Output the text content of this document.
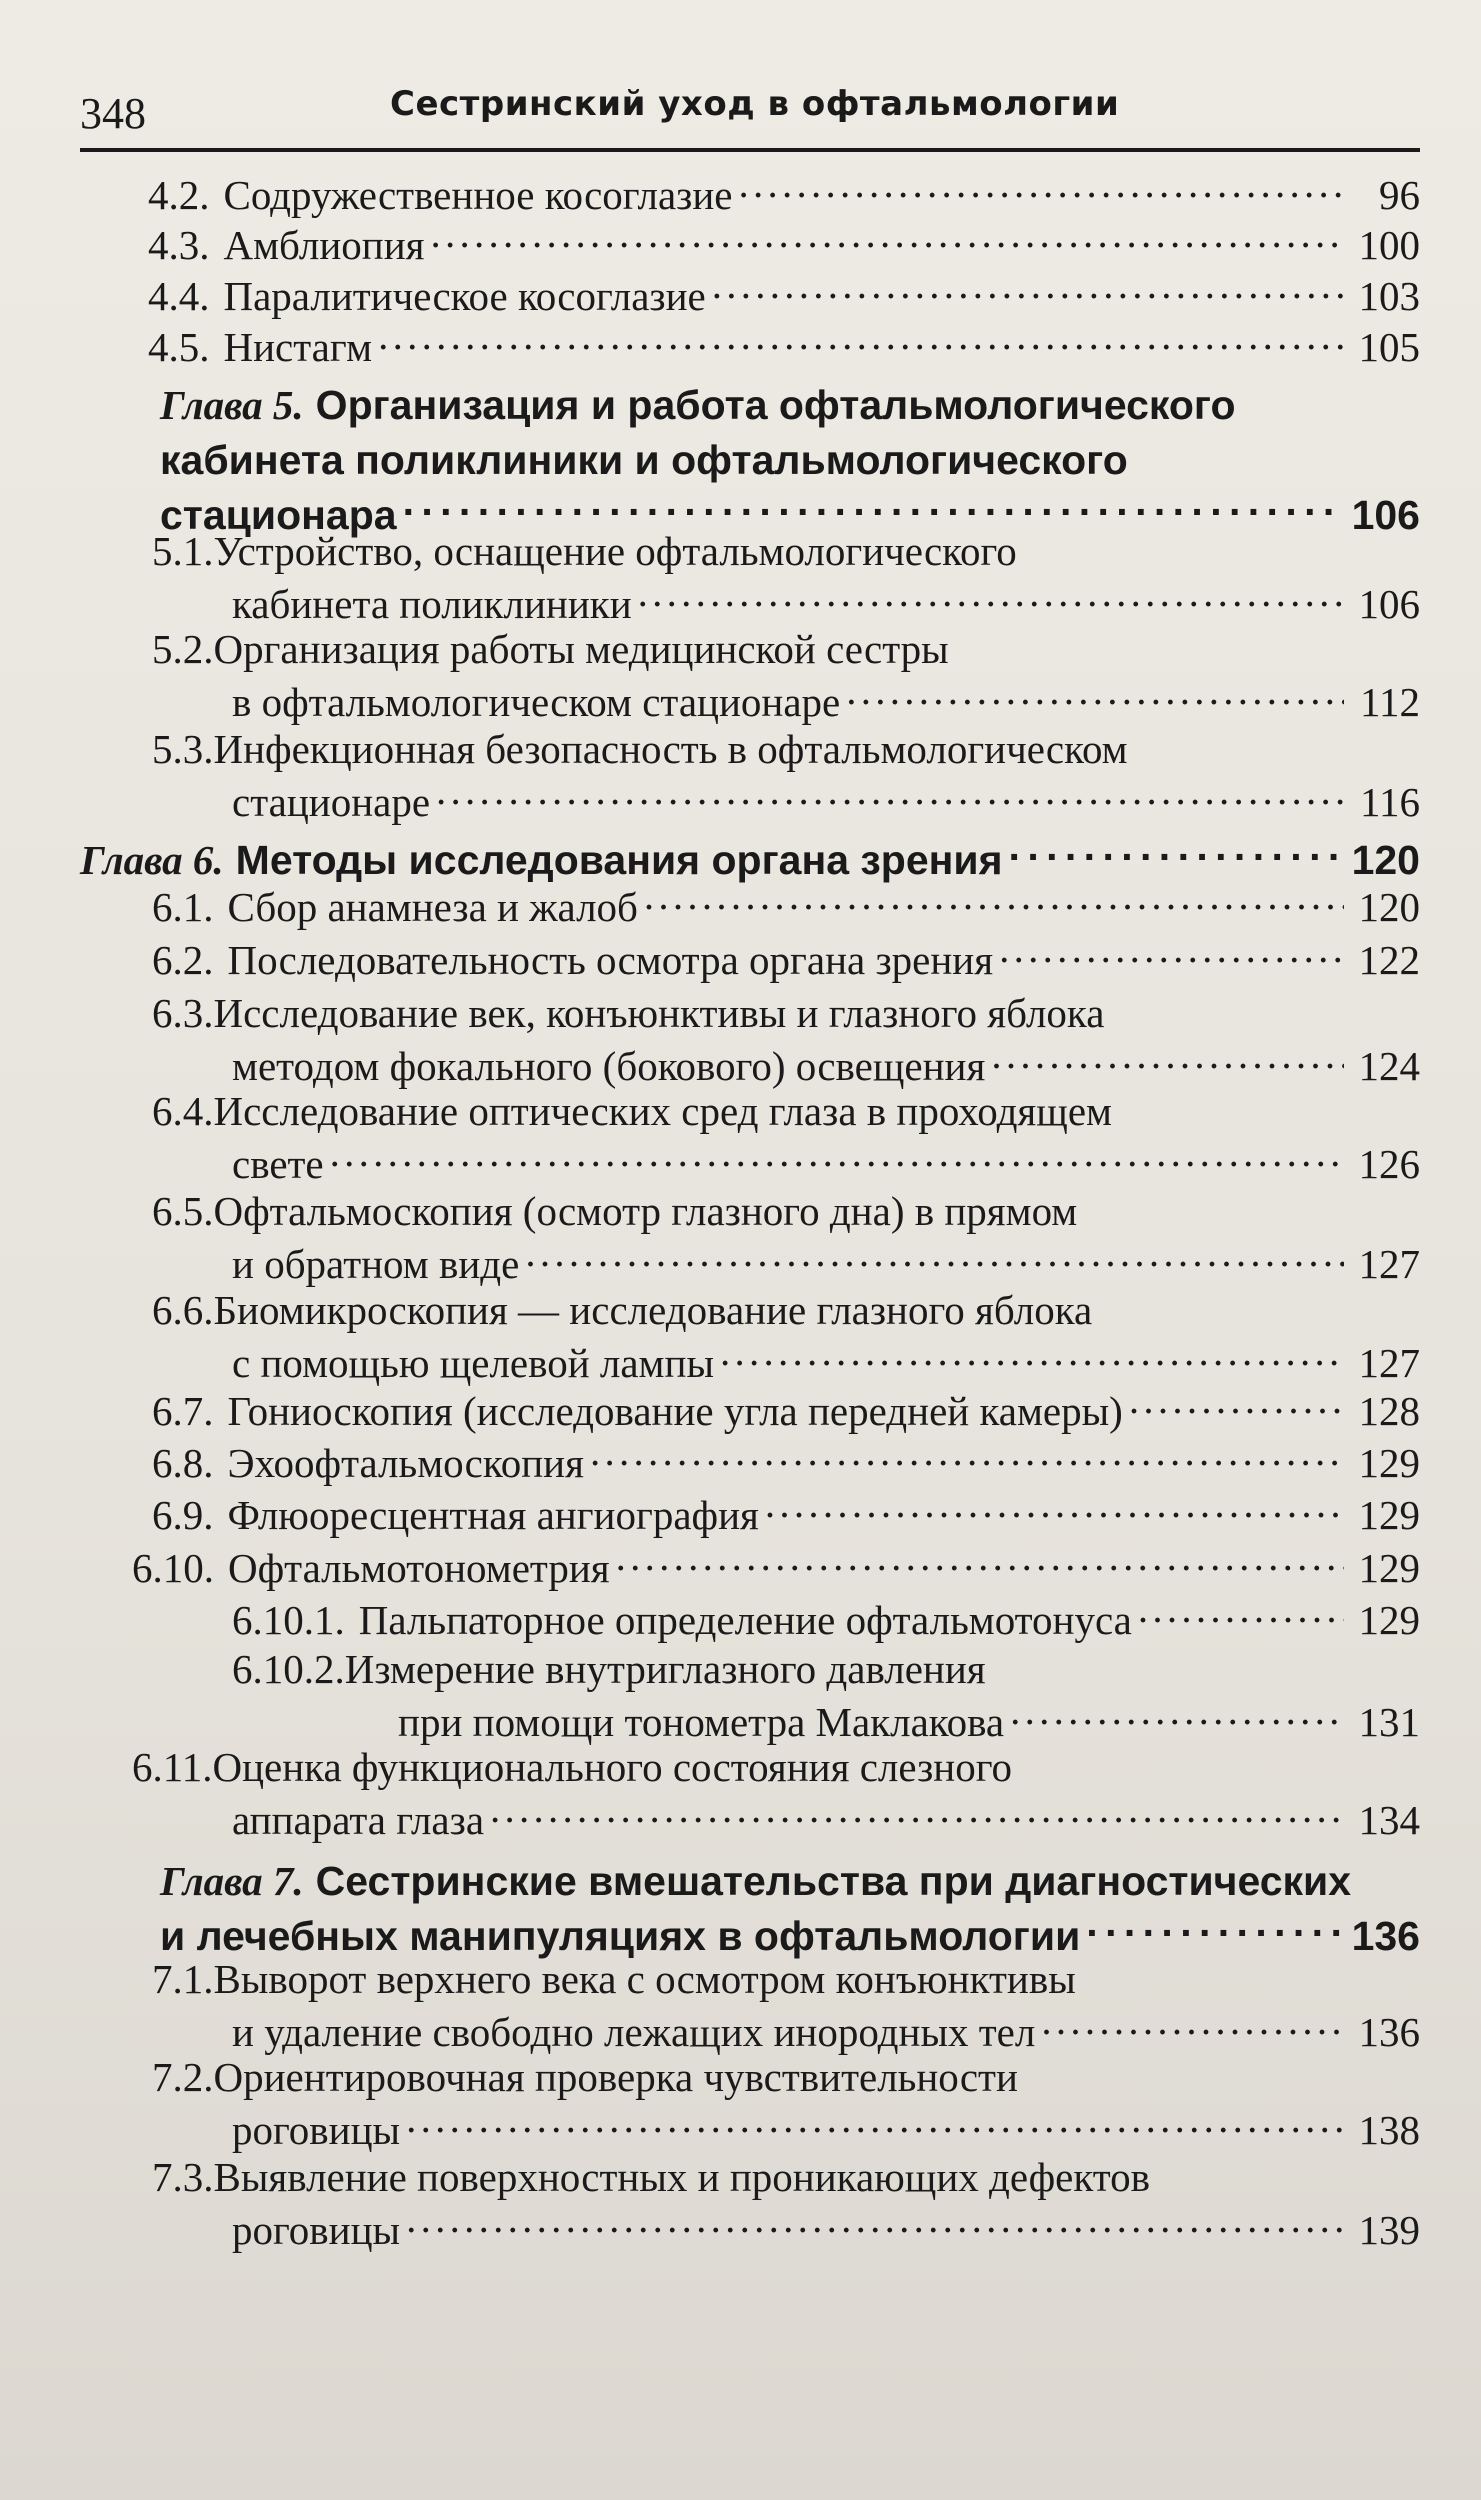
348	Сестринский уход в офтальмологии
4.2. Содружественное косоглазие . . .	96
4.3. Амблиопия . . .	100
4.4. Паралитическое косоглазие . . .	103
4.5. Нистагм . . .	105
Глава 5. Организация и работа офтальмологического
кабинета поликлиники и офтальмологического
стационара . . .	106
5.1.Устройство, оснащение офтальмологического
кабинета поликлиники . . .	106
5.2.Организация работы медицинской сестры
в офтальмологическом стационаре . . .	112
5.3.Инфекционная безопасность в офтальмологическом
стационаре . . .	116
Глава 6. Методы исследования органа зрения . . .	120
6.1. Сбор анамнеза и жалоб . . .	120
6.2. Последовательность осмотра органа зрения . . .	122
6.3.Исследование век, конъюнктивы и глазного яблока
методом фокального (бокового) освещения . . .	124
6.4.Исследование оптических сред глаза в проходящем
свете . . .	126
6.5.Офтальмоскопия (осмотр глазного дна) в прямом
и обратном виде . . .	127
6.6.Биомикроскопия — исследование глазного яблока
с помощью щелевой лампы . . .	127
6.7. Гониоскопия (исследование угла передней камеры) . . .	128
6.8. Эхоофтальмоскопия . . .	129
6.9. Флюоресцентная ангиография . . .	129
6.10. Офтальмотонометрия . . .	129
6.10.1. Пальпаторное определение офтальмотонуса . . .	129
6.10.2.Измерение внутриглазного давления
при помощи тонометра Маклакова . . .	131
6.11.Оценка функционального состояния слезного
аппарата глаза . . .	134
Глава 7. Сестринские вмешательства при диагностических
и лечебных манипуляциях в офтальмологии . . .	136
7.1.Выворот верхнего века с осмотром конъюнктивы
и удаление свободно лежащих инородных тел . . .	136
7.2.Ориентировочная проверка чувствительности
роговицы . . .	138
7.3.Выявление поверхностных и проникающих дефектов
роговицы . . .	139
